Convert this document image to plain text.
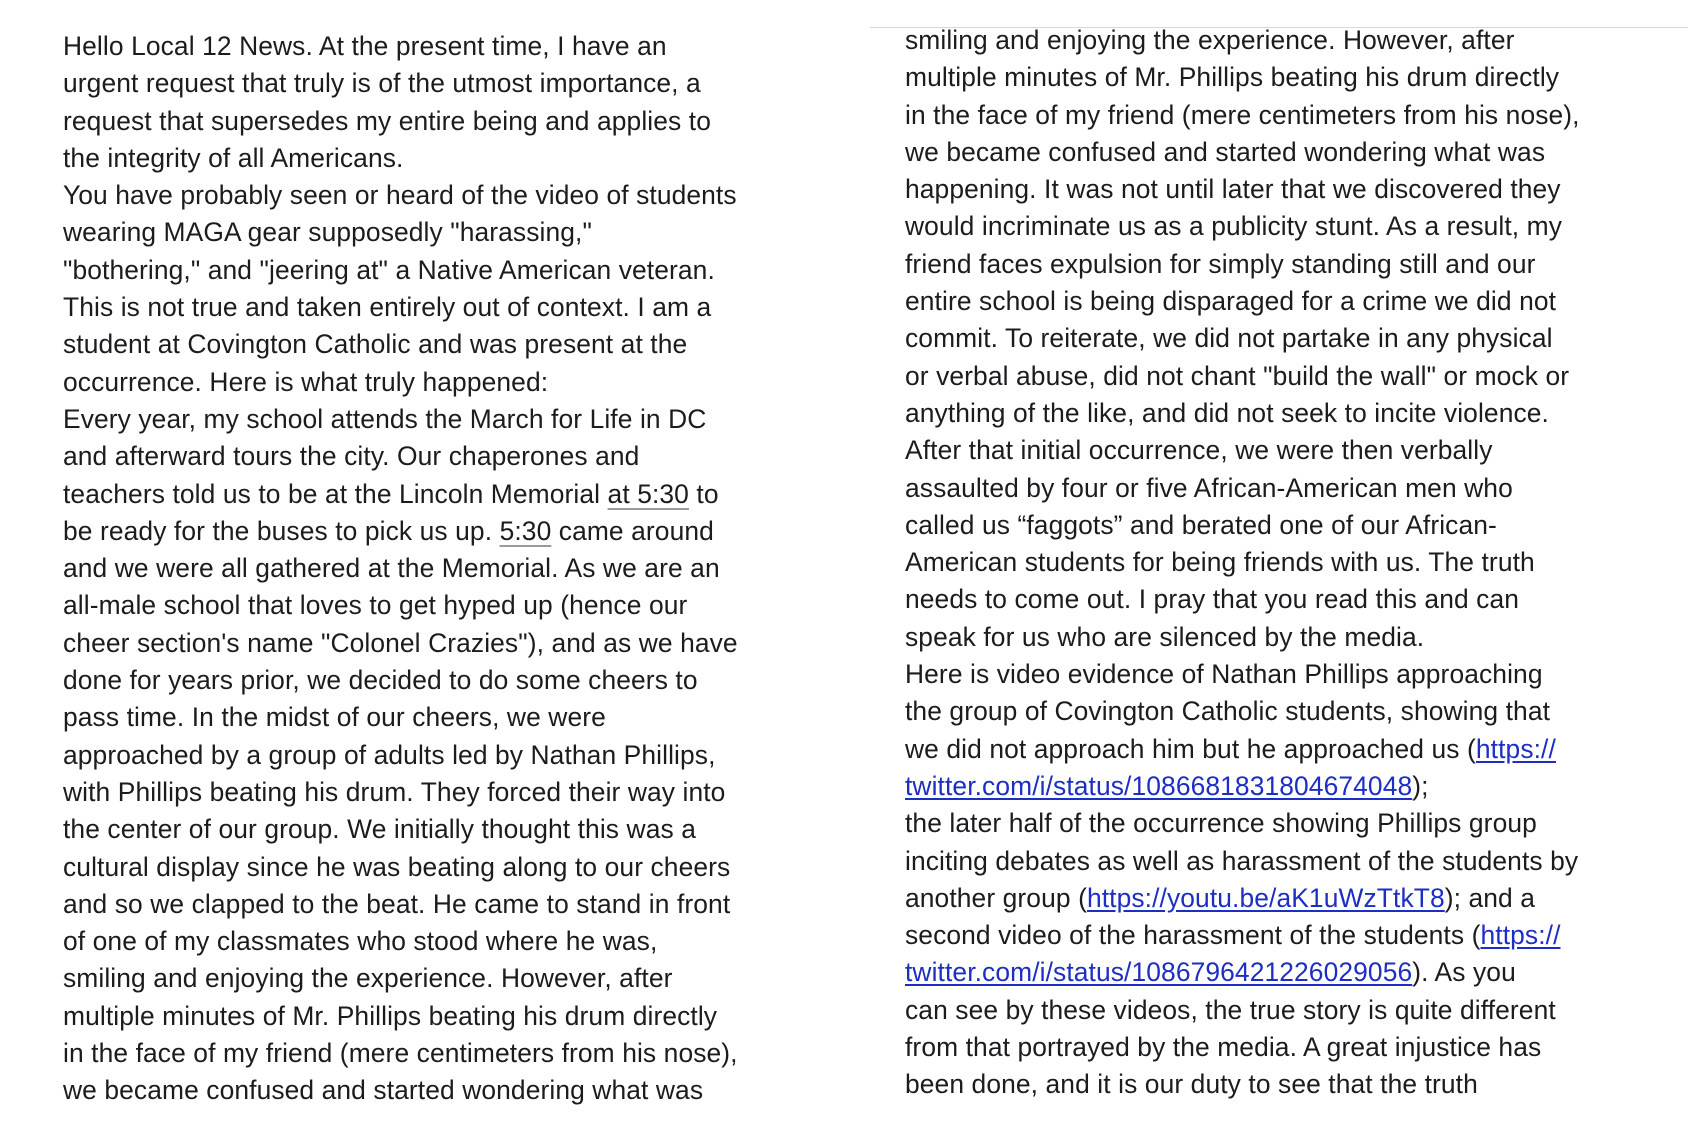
Hello Local 12 News. At the present time, I have an
urgent request that truly is of the utmost importance, a
request that supersedes my entire being and applies to
the integrity of all Americans.
You have probably seen or heard of the video of students
wearing MAGA gear supposedly "harassing,"
"bothering," and "jeering at" a Native American veteran.
This is not true and taken entirely out of context. I am a
student at Covington Catholic and was present at the
occurrence. Here is what truly happened:
Every year, my school attends the March for Life in DC
and afterward tours the city. Our chaperones and
teachers told us to be at the Lincoln Memorial at 5:30 to
be ready for the buses to pick us up. 5:30 came around
and we were all gathered at the Memorial. As we are an
all-male school that loves to get hyped up (hence our
cheer section's name "Colonel Crazies"), and as we have
done for years prior, we decided to do some cheers to
pass time. In the midst of our cheers, we were
approached by a group of adults led by Nathan Phillips,
with Phillips beating his drum. They forced their way into
the center of our group. We initially thought this was a
cultural display since he was beating along to our cheers
and so we clapped to the beat. He came to stand in front
of one of my classmates who stood where he was,
smiling and enjoying the experience. However, after
multiple minutes of Mr. Phillips beating his drum directly
in the face of my friend (mere centimeters from his nose),
we became confused and started wondering what was
smiling and enjoying the experience. However, after
multiple minutes of Mr. Phillips beating his drum directly
in the face of my friend (mere centimeters from his nose),
we became confused and started wondering what was
happening. It was not until later that we discovered they
would incriminate us as a publicity stunt. As a result, my
friend faces expulsion for simply standing still and our
entire school is being disparaged for a crime we did not
commit. To reiterate, we did not partake in any physical
or verbal abuse, did not chant "build the wall" or mock or
anything of the like, and did not seek to incite violence.
After that initial occurrence, we were then verbally
assaulted by four or five African-American men who
called us “faggots” and berated one of our African-
American students for being friends with us. The truth
needs to come out. I pray that you read this and can
speak for us who are silenced by the media.
Here is video evidence of Nathan Phillips approaching
the group of Covington Catholic students, showing that
we did not approach him but he approached us (https://
twitter.com/i/status/1086681831804674048);
the later half of the occurrence showing Phillips group
inciting debates as well as harassment of the students by
another group (https://youtu.be/aK1uWzTtkT8); and a
second video of the harassment of the students (https://
twitter.com/i/status/1086796421226029056). As you
can see by these videos, the true story is quite different
from that portrayed by the media. A great injustice has
been done, and it is our duty to see that the truth
